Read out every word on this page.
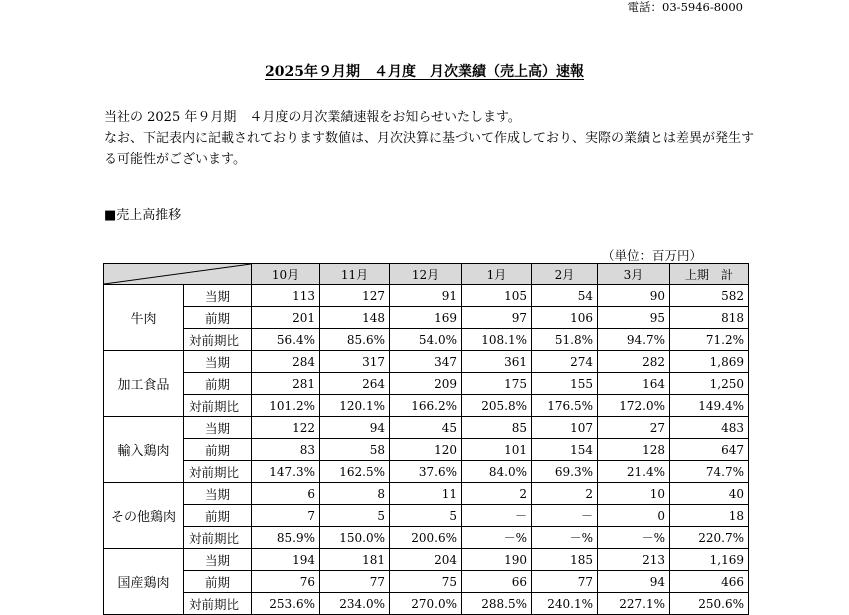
電話：03-5946-8000
2025年９月期　４月度　月次業績（売上高）速報
当社の 2025 年９月期　４月度の月次業績速報をお知らせいたします。
なお、下記表内に記載されております数値は、月次決算に基づいて作成しており、実際の業績とは差異が発生する可能性がございます。
■売上高推移
（単位：百万円）
	10月	11月	12月	1月	2月	3月	上期　計
牛肉	当期	113	127	91	105	54	90	582
	前期	201	148	169	97	106	95	818
	対前期比	56.4%	85.6%	54.0%	108.1%	51.8%	94.7%	71.2%
加工食品	当期	284	317	347	361	274	282	1,869
	前期	281	264	209	175	155	164	1,250
	対前期比	101.2%	120.1%	166.2%	205.8%	176.5%	172.0%	149.4%
輸入鶏肉	当期	122	94	45	85	107	27	483
	前期	83	58	120	101	154	128	647
	対前期比	147.3%	162.5%	37.6%	84.0%	69.3%	21.4%	74.7%
その他鶏肉	当期	6	8	11	2	2	10	40
	前期	7	5	5	－	－	0	18
	対前期比	85.9%	150.0%	200.6%	－%	－%	－%	220.7%
国産鶏肉	当期	194	181	204	190	185	213	1,169
	前期	76	77	75	66	77	94	466
	対前期比	253.6%	234.0%	270.0%	288.5%	240.1%	227.1%	250.6%
